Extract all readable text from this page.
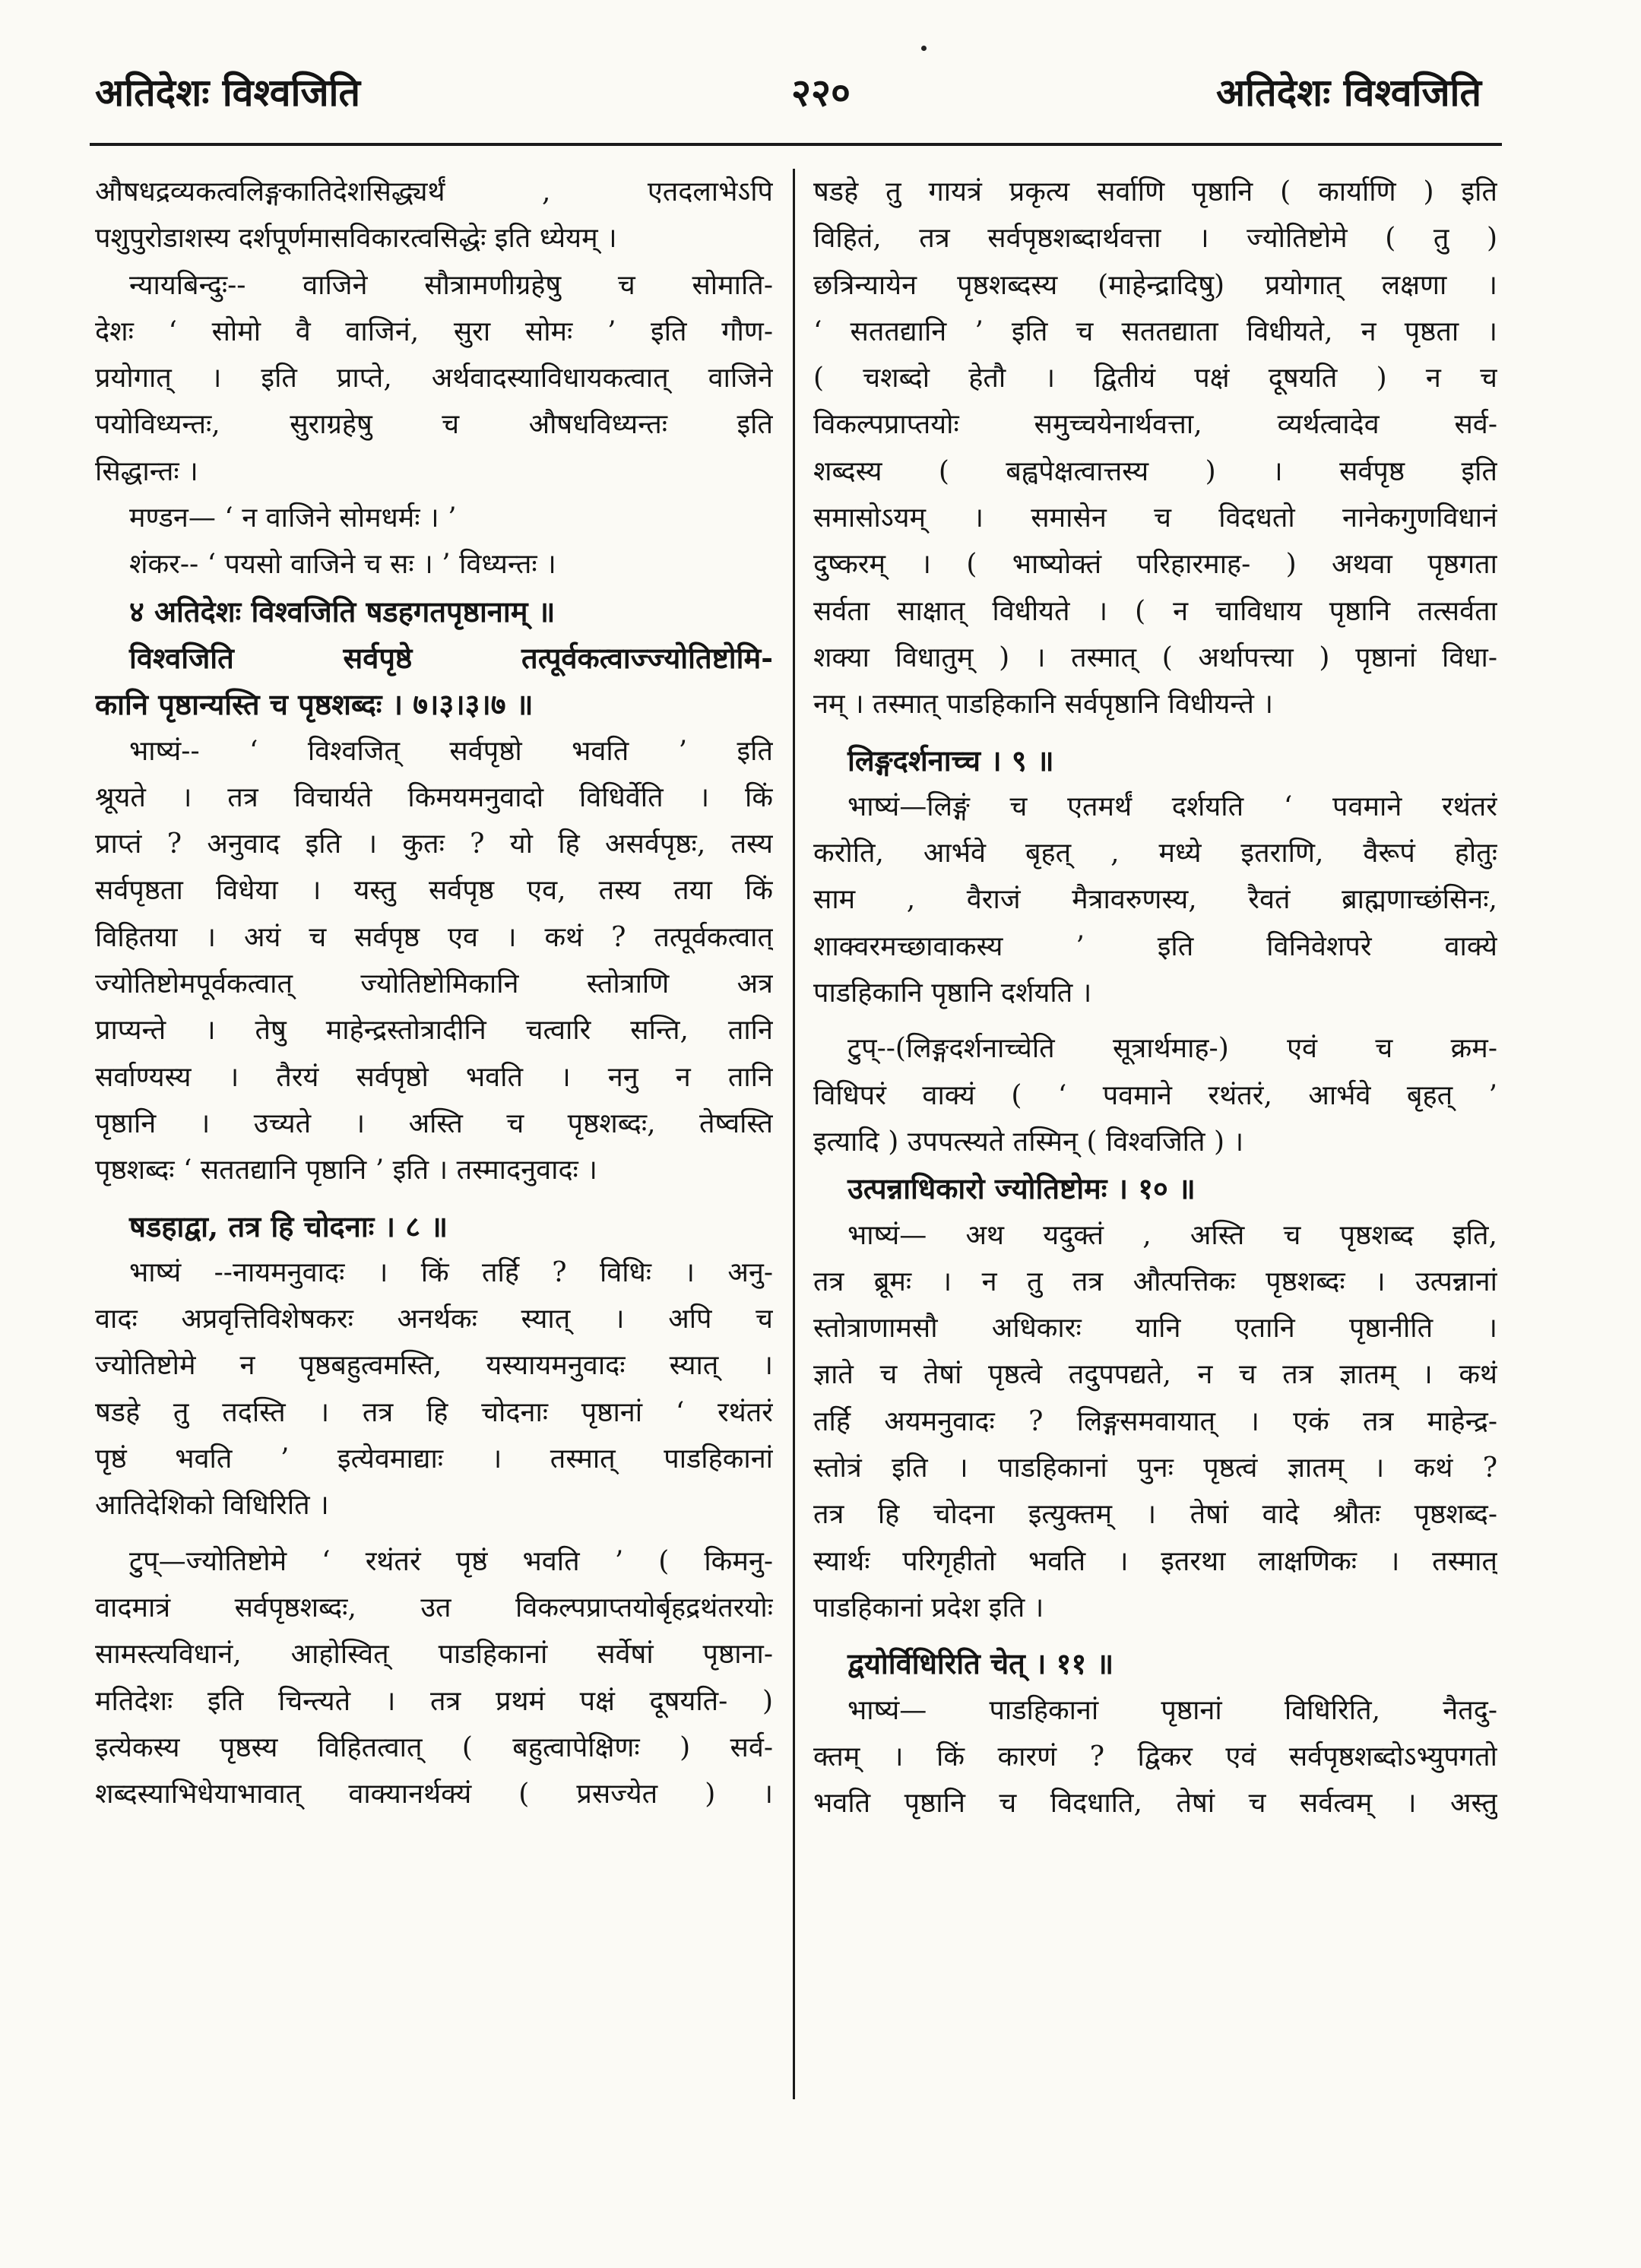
अतिदेशः विश्वजिति	२२०	अतिदेशः विश्वजिति
औषधद्रव्यकत्वलिङ्गकातिदेशसिद्ध्यर्थं , एतदलाभेऽपि
पशुपुरोडाशस्य दर्शपूर्णमासविकारत्वसिद्धेः इति ध्येयम् ।
न्यायबिन्दुः-- वाजिने सौत्रामणीग्रहेषु च सोमाति-
देशः ‘ सोमो वै वाजिनं, सुरा सोमः ’ इति गौण-
प्रयोगात् । इति प्राप्ते, अर्थवादस्याविधायकत्वात् वाजिने
पयोविध्यन्तः, सुराग्रहेषु च औषधविध्यन्तः इति
सिद्धान्तः ।
मण्डन— ‘ न वाजिने सोमधर्मः । ’
शंकर-- ‘ पयसो वाजिने च सः । ’ विध्यन्तः ।
४ अतिदेशः विश्वजिति षडहगतपृष्ठानाम् ॥
विश्वजिति सर्वपृष्ठे तत्पूर्वकत्वाज्ज्योतिष्टोमि-
कानि पृष्ठान्यस्ति च पृष्ठशब्दः । ७।३।३।७ ॥
भाष्यं-- ‘ विश्वजित् सर्वपृष्ठो भवति ’ इति
श्रूयते । तत्र विचार्यते किमयमनुवादो विधिर्वेति । किं
प्राप्तं ? अनुवाद इति । कुतः ? यो हि असर्वपृष्ठः, तस्य
सर्वपृष्ठता विधेया । यस्तु सर्वपृष्ठ एव, तस्य तया किं
विहितया । अयं च सर्वपृष्ठ एव । कथं ? तत्पूर्वकत्वात्
ज्योतिष्टोमपूर्वकत्वात् ज्योतिष्टोमिकानि स्तोत्राणि अत्र
प्राप्यन्ते । तेषु माहेन्द्रस्तोत्रादीनि चत्वारि सन्ति, तानि
सर्वाण्यस्य । तैरयं सर्वपृष्ठो भवति । ननु न तानि
पृष्ठानि । उच्यते । अस्ति च पृष्ठशब्दः, तेष्वस्ति
पृष्ठशब्दः ‘ सततद्यानि पृष्ठानि ’ इति । तस्मादनुवादः ।
षडहाद्वा, तत्र हि चोदनाः । ८ ॥
भाष्यं --नायमनुवादः । किं तर्हि ? विधिः । अनु-
वादः अप्रवृत्तिविशेषकरः अनर्थकः स्यात् । अपि च
ज्योतिष्टोमे न पृष्ठबहुत्वमस्ति, यस्यायमनुवादः स्यात् ।
षडहे तु तदस्ति । तत्र हि चोदनाः पृष्ठानां ‘ रथंतरं
पृष्ठं भवति ’ इत्येवमाद्याः । तस्मात् पाडहिकानां
आतिदेशिको विधिरिति ।
टुप्—ज्योतिष्टोमे ‘ रथंतरं पृष्ठं भवति ’ ( किमनु-
वादमात्रं सर्वपृष्ठशब्दः, उत विकल्पप्राप्तयोर्बृहद्रथंतरयोः
सामस्त्यविधानं, आहोस्वित् पाडहिकानां सर्वेषां पृष्ठाना-
मतिदेशः इति चिन्त्यते । तत्र प्रथमं पक्षं दूषयति- )
इत्येकस्य पृष्ठस्य विहितत्वात् ( बहुत्वापेक्षिणः ) सर्व-
शब्दस्याभिधेयाभावात् वाक्यानर्थक्यं ( प्रसज्येत ) ।
षडहे तु गायत्रं प्रकृत्य सर्वाणि पृष्ठानि ( कार्याणि ) इति
विहितं, तत्र सर्वपृष्ठशब्दार्थवत्ता । ज्योतिष्टोमे ( तु )
छत्रिन्यायेन पृष्ठशब्दस्य (माहेन्द्रादिषु) प्रयोगात् लक्षणा ।
‘ सततद्यानि ’ इति च सततद्याता विधीयते, न पृष्ठता ।
( चशब्दो हेतौ । द्वितीयं पक्षं दूषयति ) न च
विकल्पप्राप्तयोः समुच्चयेनार्थवत्ता, व्यर्थत्वादेव सर्व-
शब्दस्य ( बह्वपेक्षत्वात्तस्य ) । सर्वपृष्ठ इति
समासोऽयम् । समासेन च विदधतो नानेकगुणविधानं
दुष्करम् । ( भाष्योक्तं परिहारमाह- ) अथवा पृष्ठगता
सर्वता साक्षात् विधीयते । ( न चाविधाय पृष्ठानि तत्सर्वता
शक्या विधातुम् ) । तस्मात् ( अर्थापत्त्या ) पृष्ठानां विधा-
नम् । तस्मात् पाडहिकानि सर्वपृष्ठानि विधीयन्ते ।
लिङ्गदर्शनाच्च । ९ ॥
भाष्यं—लिङ्गं च एतमर्थं दर्शयति ‘ पवमाने रथंतरं
करोति, आर्भवे बृहत् , मध्ये इतराणि, वैरूपं होतुः
साम , वैराजं मैत्रावरुणस्य, रैवतं ब्राह्मणाच्छंसिनः,
शाक्वरमच्छावाकस्य ’ इति विनिवेशपरे वाक्ये
पाडहिकानि पृष्ठानि दर्शयति ।
टुप्--(लिङ्गदर्शनाच्चेति सूत्रार्थमाह-) एवं च क्रम-
विधिपरं वाक्यं ( ‘ पवमाने रथंतरं, आर्भवे बृहत् ’
इत्यादि ) उपपत्स्यते तस्मिन् ( विश्वजिति ) ।
उत्पन्नाधिकारो ज्योतिष्टोमः । १० ॥
भाष्यं— अथ यदुक्तं , अस्ति च पृष्ठशब्द इति,
तत्र ब्रूमः । न तु तत्र औत्पत्तिकः पृष्ठशब्दः । उत्पन्नानां
स्तोत्राणामसौ अधिकारः यानि एतानि पृष्ठानीति ।
ज्ञाते च तेषां पृष्ठत्वे तदुपपद्यते, न च तत्र ज्ञातम् । कथं
तर्हि अयमनुवादः ? लिङ्गसमवायात् । एकं तत्र माहेन्द्र-
स्तोत्रं इति । पाडहिकानां पुनः पृष्ठत्वं ज्ञातम् । कथं ?
तत्र हि चोदना इत्युक्तम् । तेषां वादे श्रौतः पृष्ठशब्द-
स्यार्थः परिगृहीतो भवति । इतरथा लाक्षणिकः । तस्मात्
पाडहिकानां प्रदेश इति ।
द्वयोर्विधिरिति चेत् । ११ ॥
भाष्यं— पाडहिकानां पृष्ठानां विधिरिति, नैतदु-
क्तम् । किं कारणं ? द्विकर एवं सर्वपृष्ठशब्दोऽभ्युपगतो
भवति पृष्ठानि च विदधाति, तेषां च सर्वत्वम् । अस्तु
